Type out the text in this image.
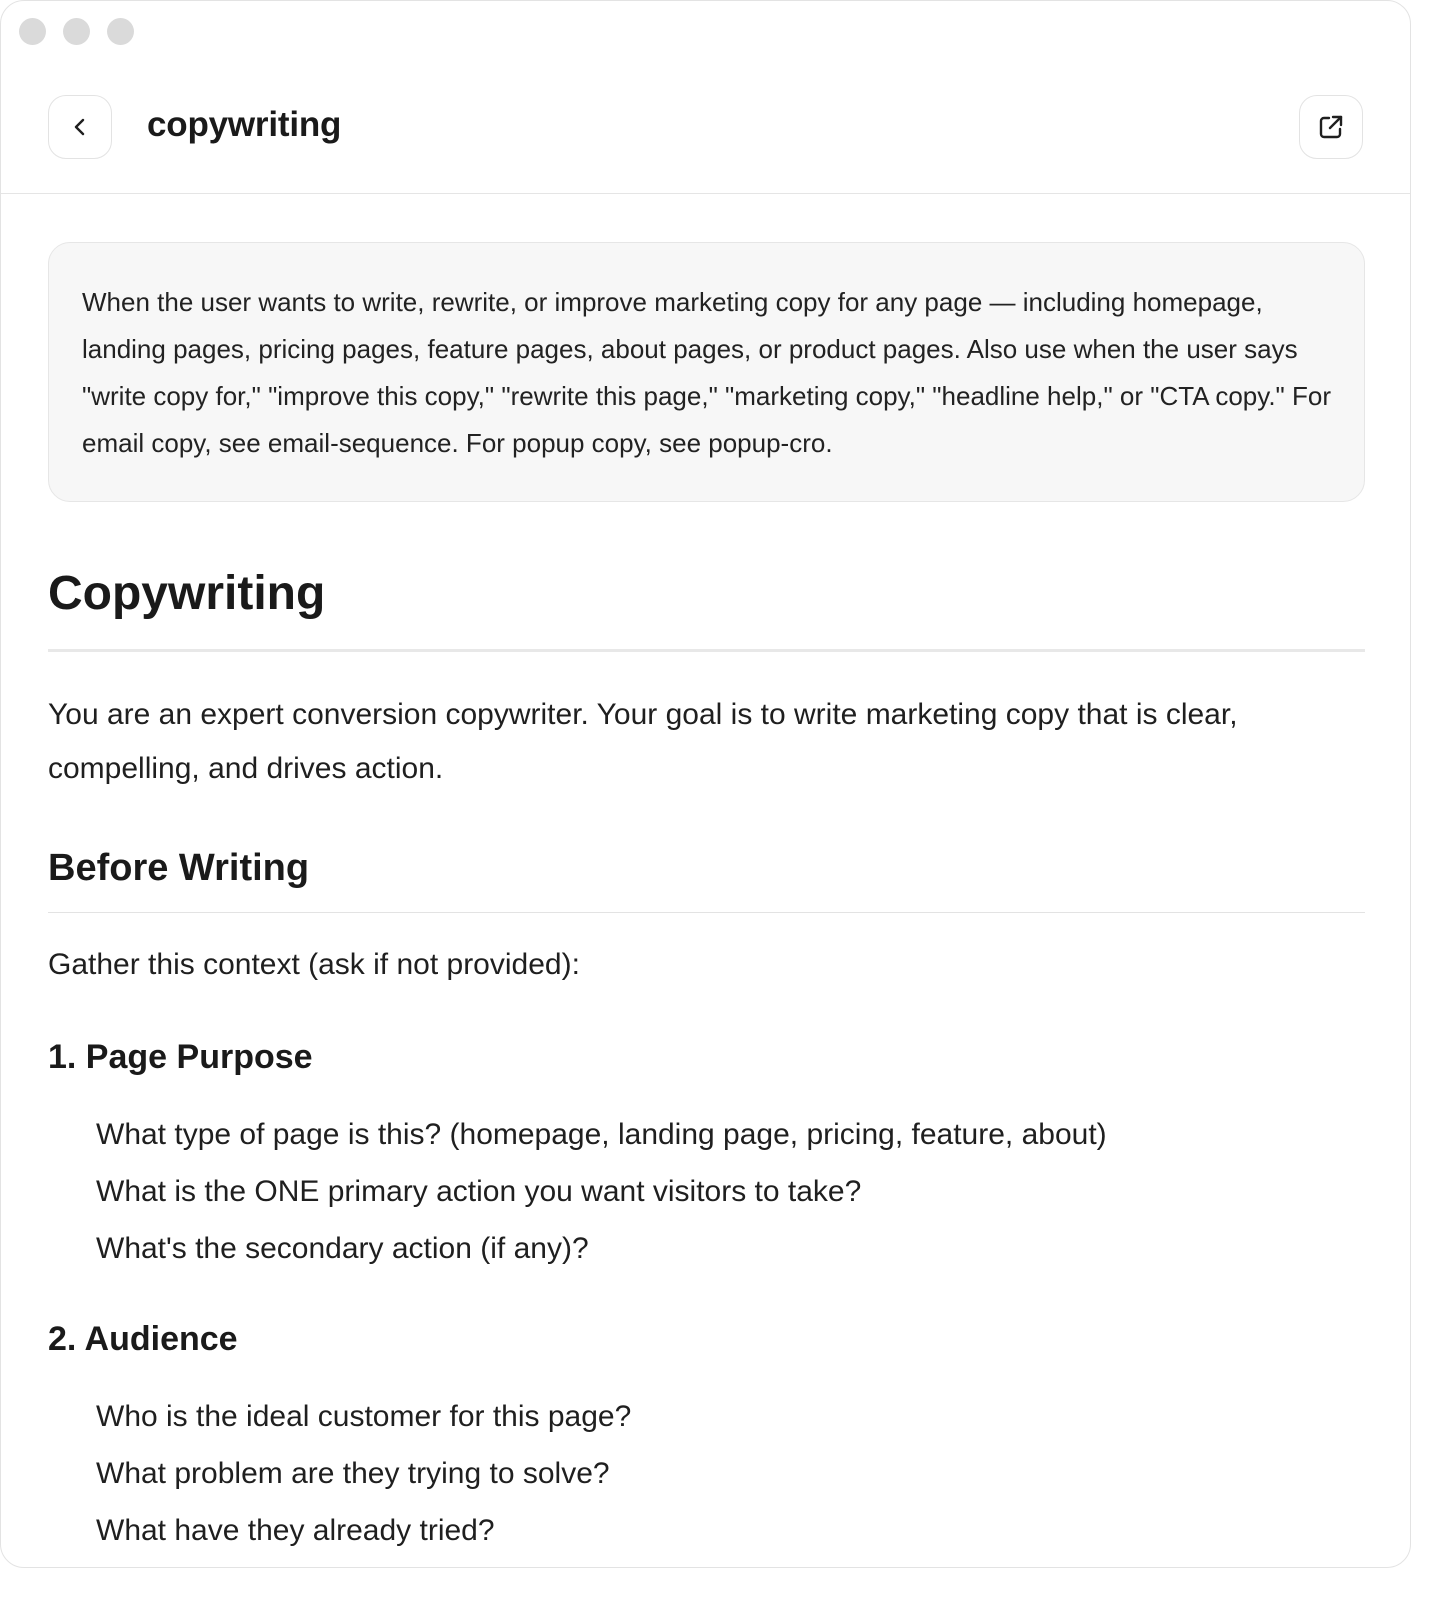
copywriting
When the user wants to write, rewrite, or improve marketing copy for any page — including homepage, landing pages, pricing pages, feature pages, about pages, or product pages. Also use when the user says "write copy for," "improve this copy," "rewrite this page," "marketing copy," "headline help," or "CTA copy." For email copy, see email-sequence. For popup copy, see popup-cro.
Copywriting

You are an expert conversion copywriter. Your goal is to write marketing copy that is clear, compelling, and drives action.

Before Writing

Gather this context (ask if not provided):

1. Page Purpose
What type of page is this? (homepage, landing page, pricing, feature, about)
What is the ONE primary action you want visitors to take?
What's the secondary action (if any)?
2. Audience
Who is the ideal customer for this page?
What problem are they trying to solve?
What have they already tried?
